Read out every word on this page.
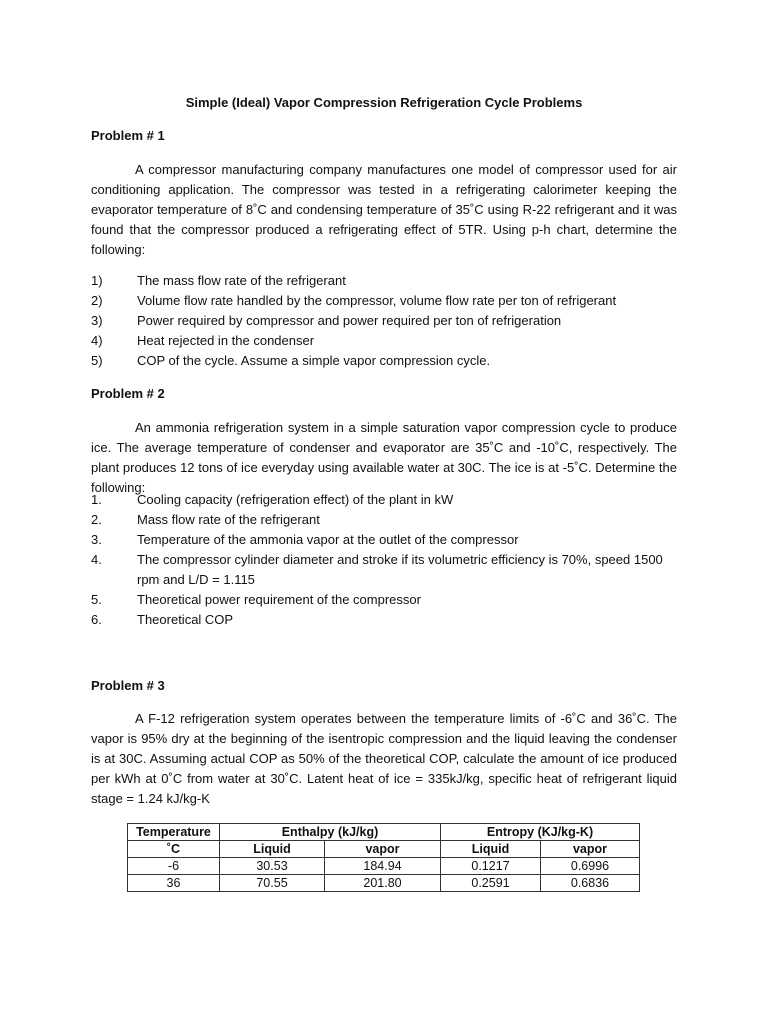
Simple (Ideal) Vapor Compression Refrigeration Cycle Problems
Problem # 1
A compressor manufacturing company manufactures one model of compressor used for air conditioning application. The compressor was tested in a refrigerating calorimeter keeping the evaporator temperature of 8˚C and condensing temperature of 35˚C using R-22 refrigerant and it was found that the compressor produced a refrigerating effect of 5TR. Using p-h chart, determine the following:
1)	The mass flow rate of the refrigerant
2)	Volume flow rate handled by the compressor, volume flow rate per ton of refrigerant
3)	Power required by compressor and power required per ton of refrigeration
4)	Heat rejected in the condenser
5)	COP of the cycle. Assume a simple vapor compression cycle.
Problem # 2
An ammonia refrigeration system in a simple saturation vapor compression cycle to produce ice. The average temperature of condenser and evaporator are 35˚C and -10˚C, respectively. The plant produces 12 tons of ice everyday using available water at 30C. The ice is at -5˚C. Determine the following:
1.	Cooling capacity (refrigeration effect) of the plant in kW
2.	Mass flow rate of the refrigerant
3.	Temperature of the ammonia vapor at the outlet of the compressor
4.	The compressor cylinder diameter and stroke if its volumetric efficiency is 70%, speed 1500 rpm and L/D = 1.115
5.	Theoretical power requirement of the compressor
6.	Theoretical COP
Problem # 3
A F-12 refrigeration system operates between the temperature limits of -6˚C and 36˚C. The vapor is 95% dry at the beginning of the isentropic compression and the liquid leaving the condenser is at 30C. Assuming actual COP as 50% of the theoretical COP, calculate the amount of ice produced per kWh at 0˚C from water at 30˚C. Latent heat of ice = 335kJ/kg, specific heat of refrigerant liquid stage = 1.24 kJ/kg-K
Temperature	Enthalpy (kJ/kg)		Entropy (KJ/kg-K)	
˚C	Liquid	vapor	Liquid	vapor
-6	30.53	184.94	0.1217	0.6996
36	70.55	201.80	0.2591	0.6836
